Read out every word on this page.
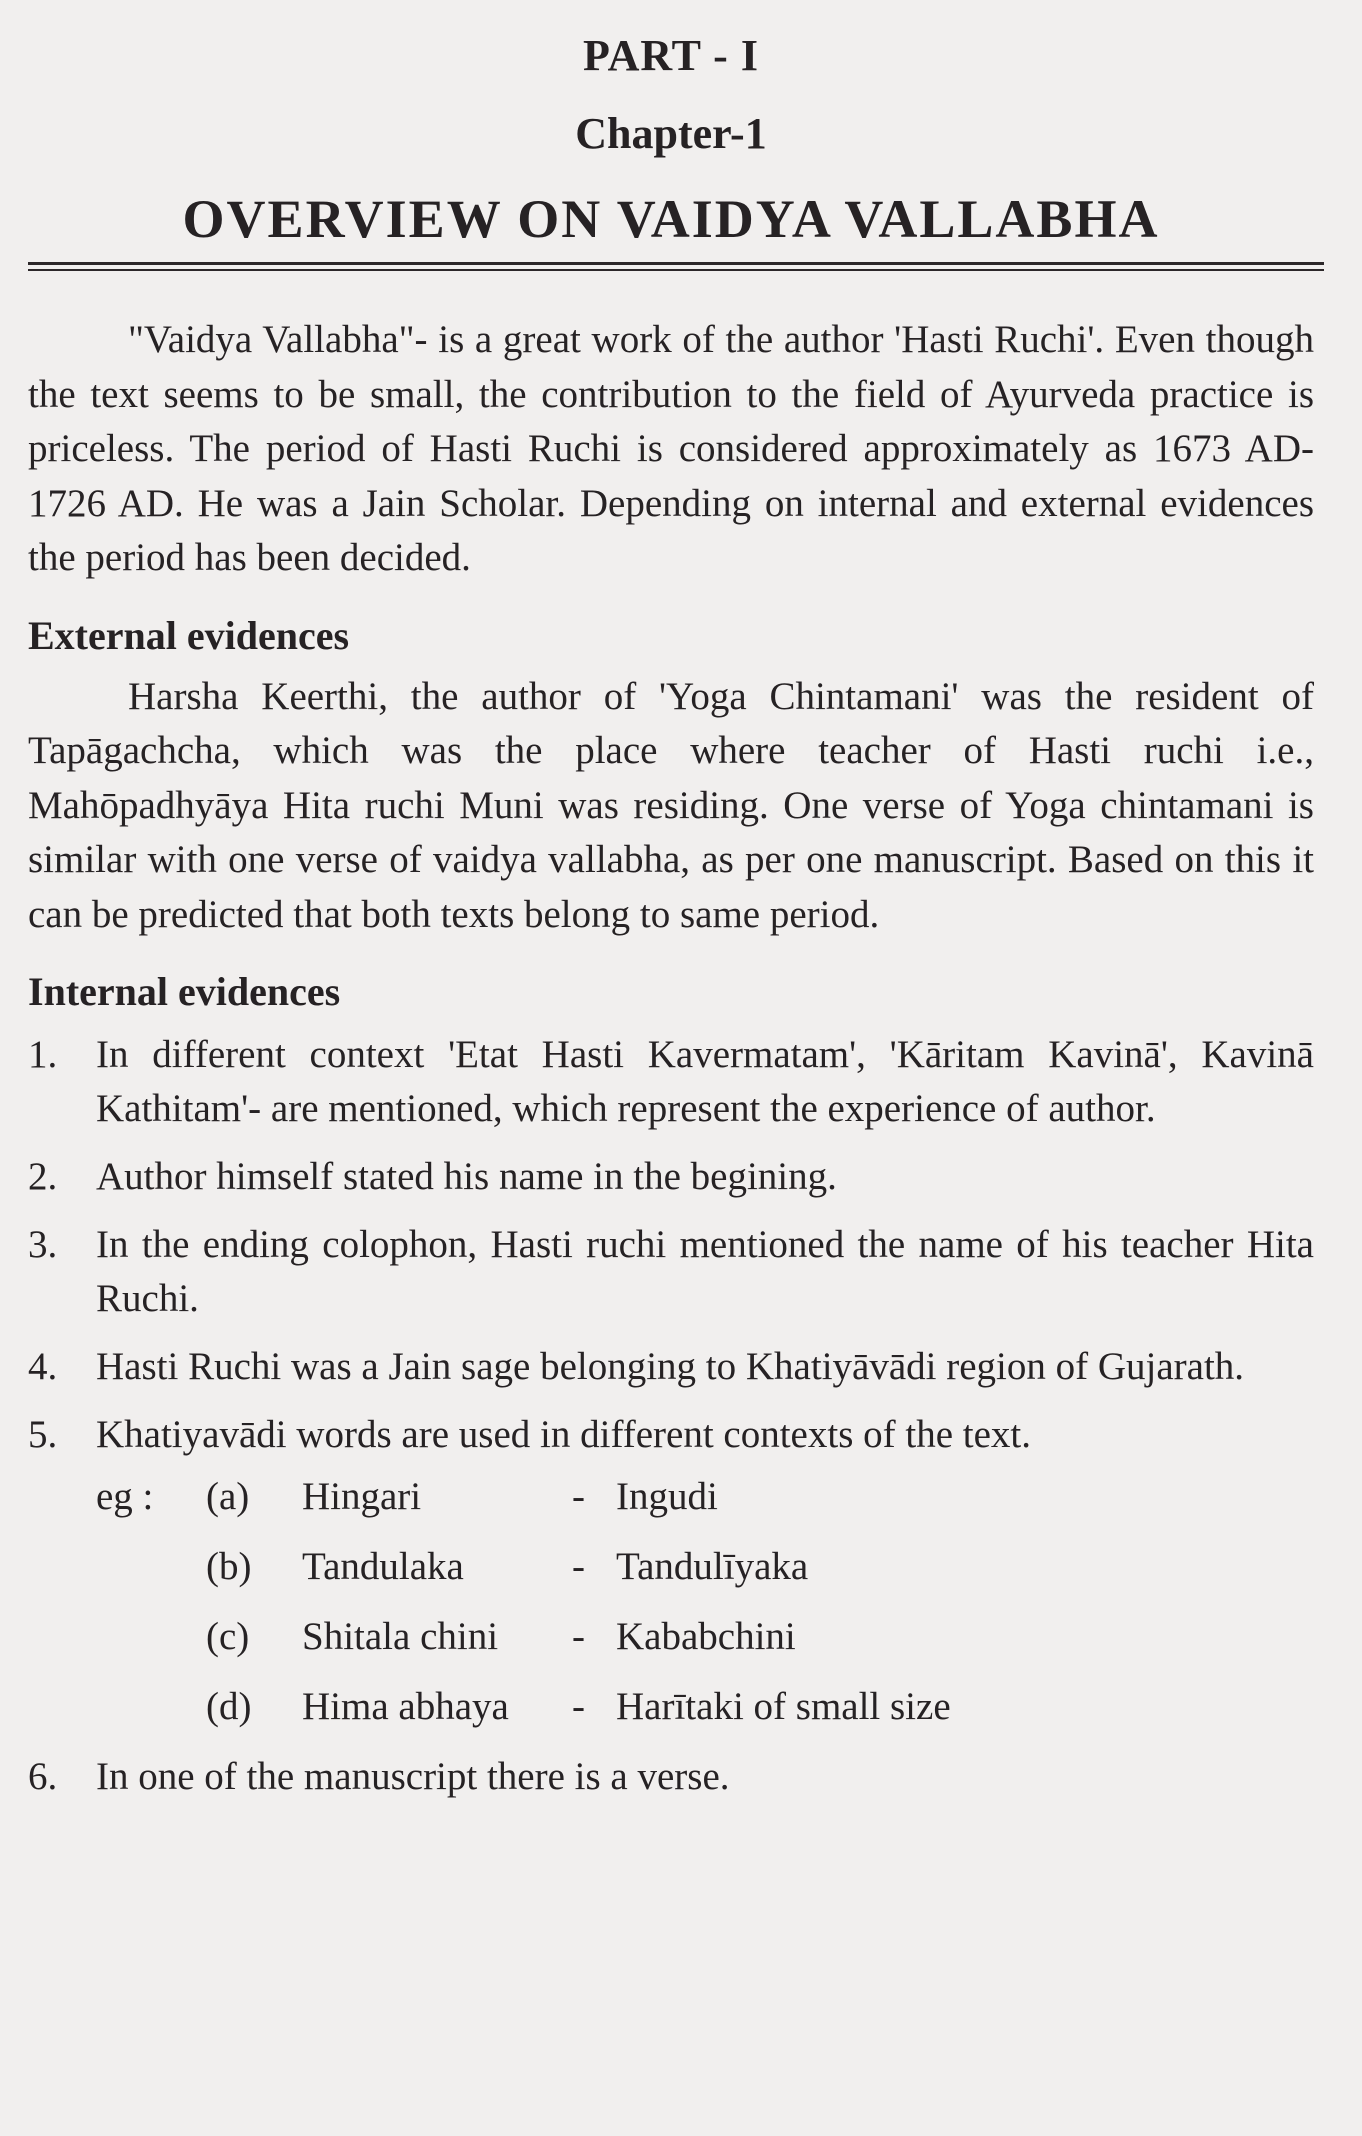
PART - I
Chapter-1
OVERVIEW ON VAIDYA VALLABHA

"Vaidya Vallabha"- is a great work of the author 'Hasti Ruchi'. Even though the text seems to be small, the contribution to the field of Ayurveda practice is priceless. The period of Hasti Ruchi is considered approximately as 1673 AD-1726 AD. He was a Jain Scholar. Depending on internal and external evidences the period has been decided.

External evidences

Harsha Keerthi, the author of 'Yoga Chintamani' was the resident of Tapāgachcha, which was the place where teacher of Hasti ruchi i.e., Mahōpadhyāya Hita ruchi Muni was residing. One verse of Yoga chintamani is similar with one verse of vaidya vallabha, as per one manuscript. Based on this it can be predicted that both texts belong to same period.

Internal evidences
1. In different context 'Etat Hasti Kavermatam', 'Kāritam Kavinā', Kavinā Kathitam'- are mentioned, which represent the experience of author.
2. Author himself stated his name in the begining.
3. In the ending colophon, Hasti ruchi mentioned the name of his teacher Hita Ruchi.
4. Hasti Ruchi was a Jain sage belonging to Khatiyāvādi region of Gujarath.
5. Khatiyavādi words are used in different contexts of the text.
eg :	(a)	Hingari	- Ingudi
(b)	Tandulaka	- Tandulīyaka
(c)	Shitala chini	- Kababchini
(d)	Hima abhaya	- Harītaki of small size
6. In one of the manuscript there is a verse.
